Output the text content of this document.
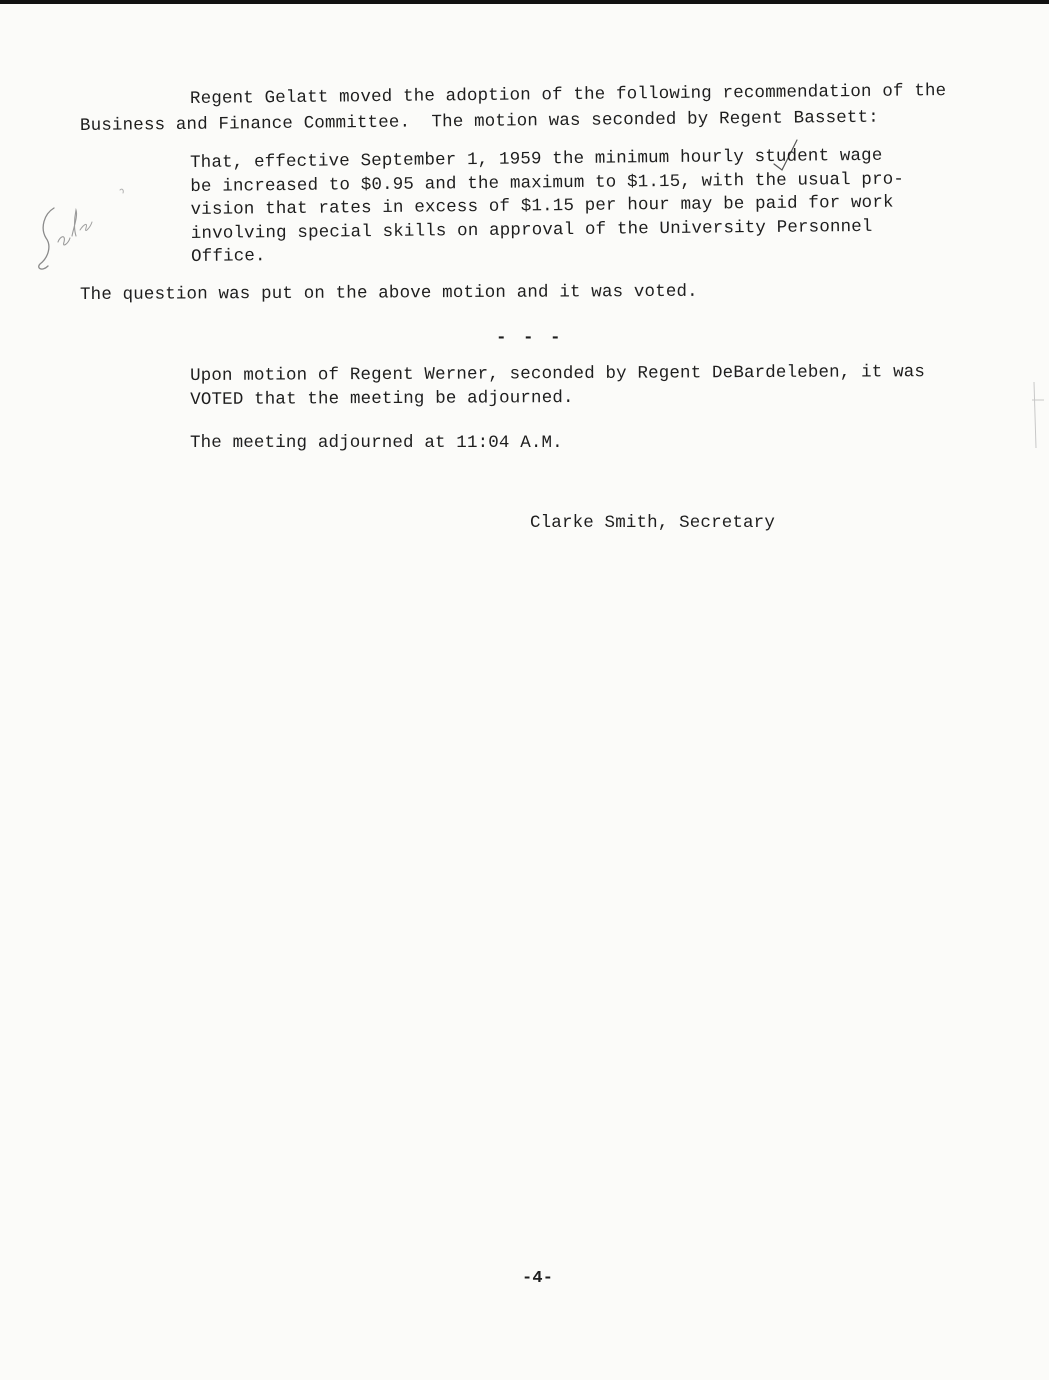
Regent Gelatt moved the adoption of the following recommendation of the
Business and Finance Committee.  The motion was seconded by Regent Bassett:
That, effective September 1, 1959 the minimum hourly student wage
be increased to $0.95 and the maximum to $1.15, with the usual pro-
vision that rates in excess of $1.15 per hour may be paid for work
involving special skills on approval of the University Personnel
Office.
The question was put on the above motion and it was voted.
- - -
Upon motion of Regent Werner, seconded by Regent DeBardeleben, it was
VOTED that the meeting be adjourned.
The meeting adjourned at 11:04 A.M.
Clarke Smith, Secretary
-4-
